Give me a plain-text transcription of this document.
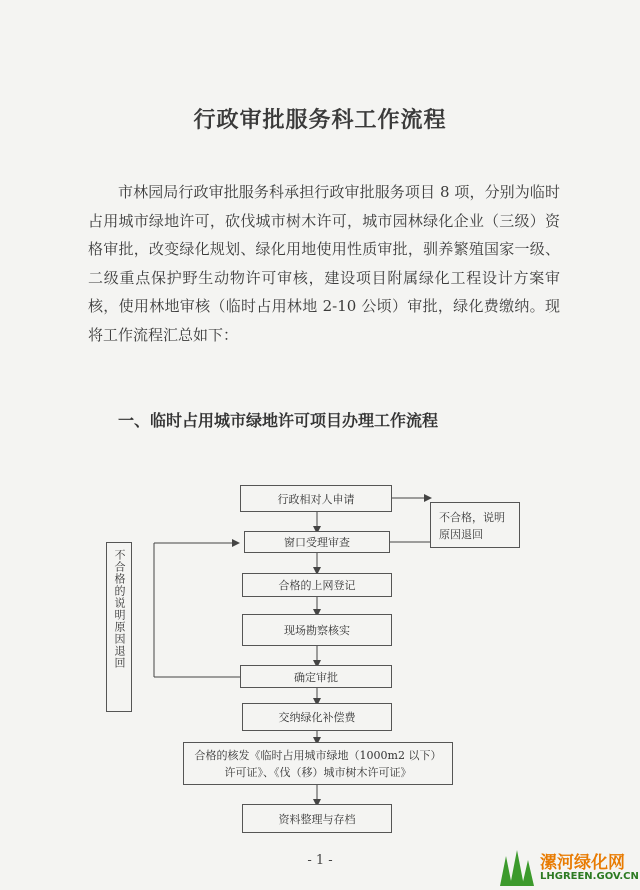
行政审批服务科工作流程

市林园局行政审批服务科承担行政审批服务项目 8 项，分别为临时占用城市绿地许可，砍伐城市树木许可，城市园林绿化企业（三级）资格审批，改变绿化规划、绿化用地使用性质审批，驯养繁殖国家一级、二级重点保护野生动物许可审核，建设项目附属绿化工程设计方案审核，使用林地审核（临时占用林地 2-10 公顷）审批，绿化费缴纳。现将工作流程汇总如下：

一、临时占用城市绿地许可项目办理工作流程
行政相对人申请
窗口受理审查
合格的上网登记
现场勘察核实
确定审批
交纳绿化补偿费
合格的核发《临时占用城市绿地（1000m2 以下）
许可证》、《伐（移）城市树木许可证》
资料整理与存档
不合格，说明原因退回
不合格的说明原因退回
- 1 -	漯河绿化网
LHGREEN.GOV.CN
